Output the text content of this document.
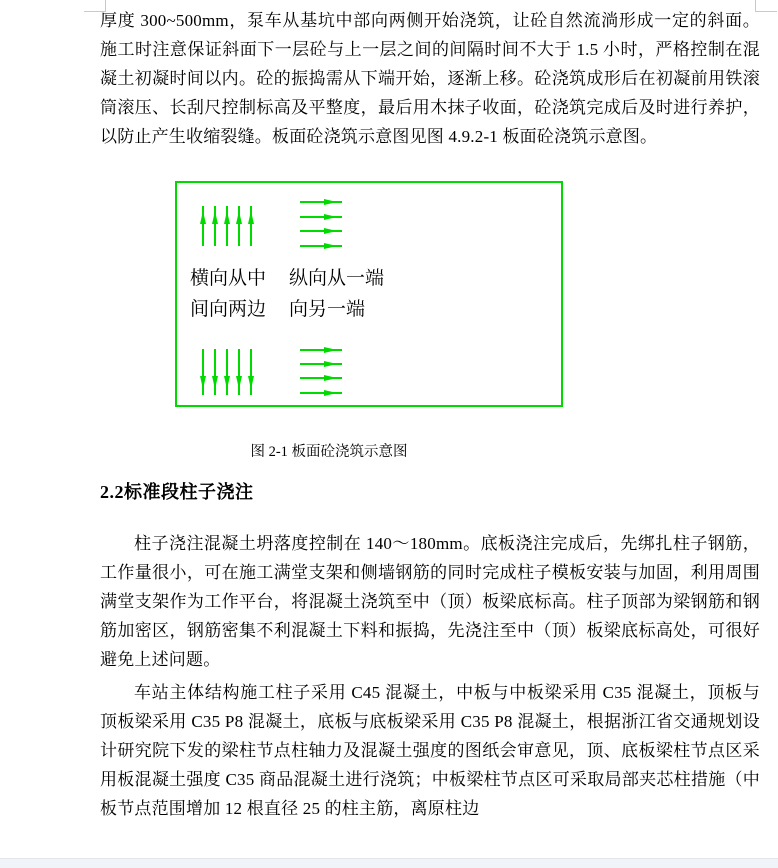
厚度 300~500mm，泵车从基坑中部向两侧开始浇筑，让砼自然流淌形成一定的斜面。施工时注意保证斜面下一层砼与上一层之间的间隔时间不大于 1.5 小时，严格控制在混凝土初凝时间以内。砼的振捣需从下端开始，逐渐上移。砼浇筑成形后在初凝前用铁滚筒滚压、长刮尺控制标高及平整度，最后用木抹子收面，砼浇筑完成后及时进行养护，以防止产生收缩裂缝。板面砼浇筑示意图见图 4.9.2-1 板面砼浇筑示意图。

横向从中
间向两边
纵向从一端
向另一端
图 2-1 板面砼浇筑示意图
2.2标准段柱子浇注

柱子浇注混凝土坍落度控制在 140～180mm。底板浇注完成后，先绑扎柱子钢筋，工作量很小，可在施工满堂支架和侧墙钢筋的同时完成柱子模板安装与加固，利用周围满堂支架作为工作平台，将混凝土浇筑至中（顶）板梁底标高。柱子顶部为梁钢筋和钢筋加密区，钢筋密集不利混凝土下料和振捣，先浇注至中（顶）板梁底标高处，可很好避免上述问题。

车站主体结构施工柱子采用 C45 混凝土，中板与中板梁采用 C35 混凝土，顶板与顶板梁采用 C35 P8 混凝土，底板与底板梁采用 C35 P8 混凝土，根据浙江省交通规划设计研究院下发的梁柱节点柱轴力及混凝土强度的图纸会审意见，顶、底板梁柱节点区采用板混凝土强度 C35 商品混凝土进行浇筑；中板梁柱节点区可采取局部夹芯柱措施（中板节点范围增加 12 根直径 25 的柱主筋，离原柱边
